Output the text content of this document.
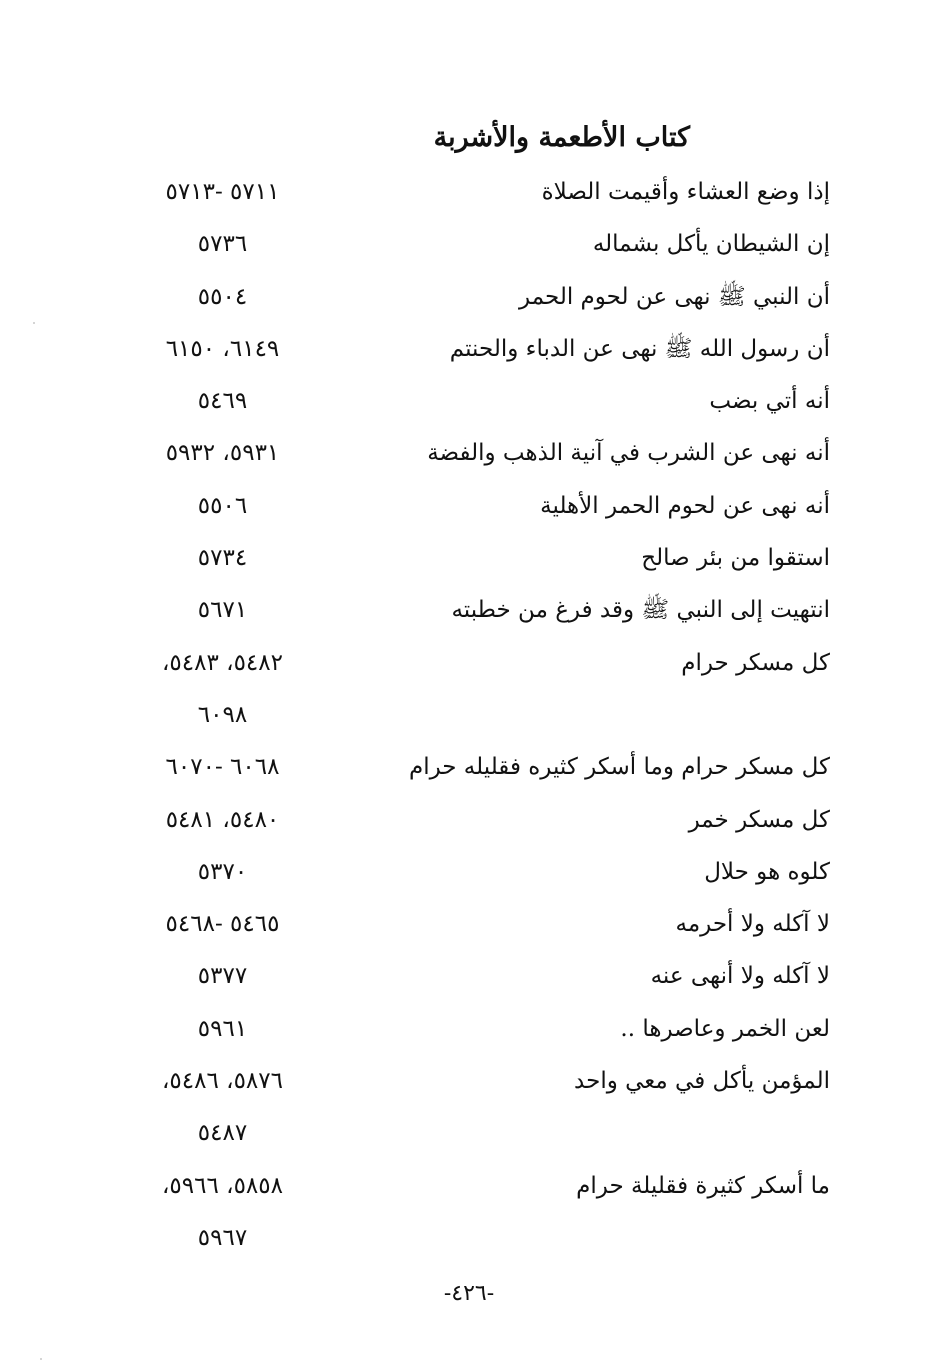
كتاب الأطعمة والأشربة
إذا وضع العشاء وأقيمت الصلاة
٥٧١١ -٥٧١٣
إن الشيطان يأكل بشماله
٥٧٣٦
أن النبي ﷺ نهى عن لحوم الحمر
٥٥٠٤
أن رسول الله ﷺ نهى عن الدباء والحنتم
٦١٤٩، ٦١٥٠
أنه أتي بضب
٥٤٦٩
أنه نهى عن الشرب في آنية الذهب والفضة
٥٩٣١، ٥٩٣٢
أنه نهى عن لحوم الحمر الأهلية
٥٥٠٦
استقوا من بئر صالح
٥٧٣٤
انتهيت إلى النبي ﷺ وقد فرغ من خطبته
٥٦٧١
كل مسكر حرام
٥٤٨٢، ٥٤٨٣،
٦٠٩٨
كل مسكر حرام وما أسكر كثيره فقليله حرام
٦٠٦٨ -٦٠٧٠
كل مسكر خمر
٥٤٨٠، ٥٤٨١
كلوه هو حلال
٥٣٧٠
لا آكله ولا أحرمه
٥٤٦٥ -٥٤٦٨
لا آكله ولا أنهى عنه
٥٣٧٧
لعن الخمر وعاصرها ..
٥٩٦١
المؤمن يأكل في معي واحد
٥٨٧٦، ٥٤٨٦،
٥٤٨٧
ما أسكر كثيرة فقليلة حرام
٥٨٥٨، ٥٩٦٦،
٥٩٦٧
-٤٢٦-
